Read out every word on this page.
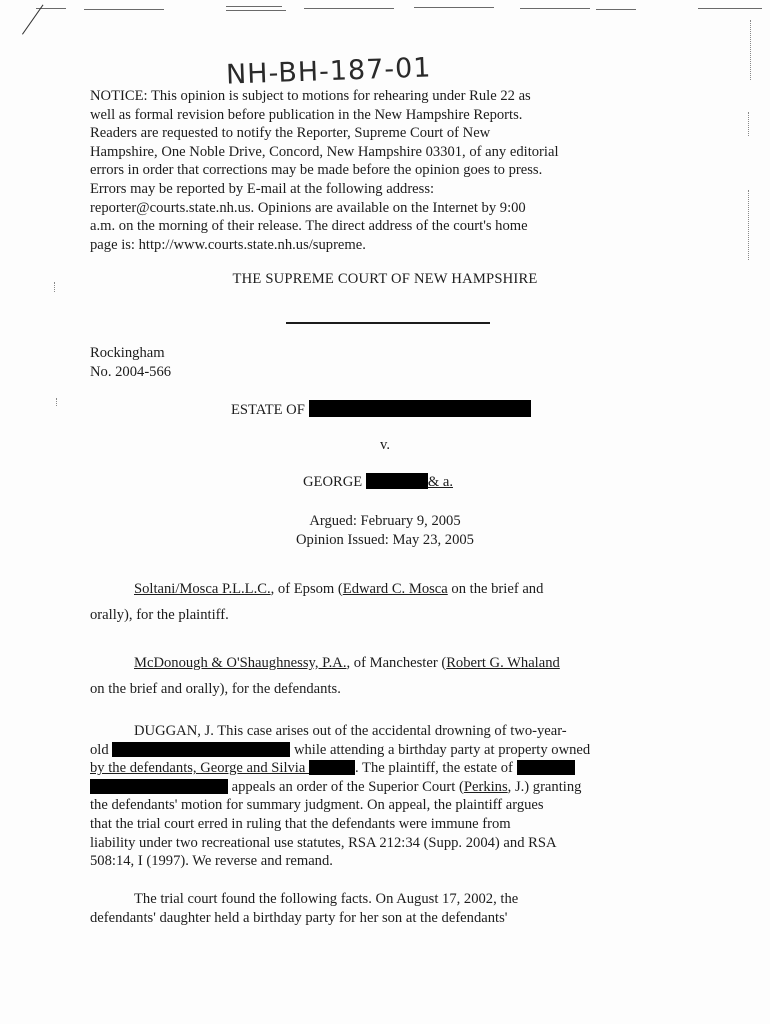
NH-BH-187-01
NOTICE: This opinion is subject to motions for rehearing under Rule 22 as
well as formal revision before publication in the New Hampshire Reports.
Readers are requested to notify the Reporter, Supreme Court of New
Hampshire, One Noble Drive, Concord, New Hampshire 03301, of any editorial
errors in order that corrections may be made before the opinion goes to press.
Errors may be reported by E-mail at the following address:
reporter@courts.state.nh.us. Opinions are available on the Internet by 9:00
a.m. on the morning of their release. The direct address of the court's home
page is: http://www.courts.state.nh.us/supreme.
THE SUPREME COURT OF NEW HAMPSHIRE
Rockingham
No. 2004-566
ESTATE OF
v.
GEORGE	& a.
Argued: February 9, 2005
Opinion Issued: May 23, 2005
Soltani/Mosca P.L.L.C., of Epsom (Edward C. Mosca on the brief and
orally), for the plaintiff.
McDonough & O'Shaughnessy, P.A., of Manchester (Robert G. Whaland
on the brief and orally), for the defendants.
DUGGAN, J. This case arises out of the accidental drowning of two-year-
old	while attending a birthday party at property owned
by the defendants, George and Silvia	. The plaintiff, the estate of
appeals an order of the Superior Court (Perkins, J.) granting
the defendants' motion for summary judgment. On appeal, the plaintiff argues
that the trial court erred in ruling that the defendants were immune from
liability under two recreational use statutes, RSA 212:34 (Supp. 2004) and RSA
508:14, I (1997). We reverse and remand.
The trial court found the following facts. On August 17, 2002, the
defendants' daughter held a birthday party for her son at the defendants'
